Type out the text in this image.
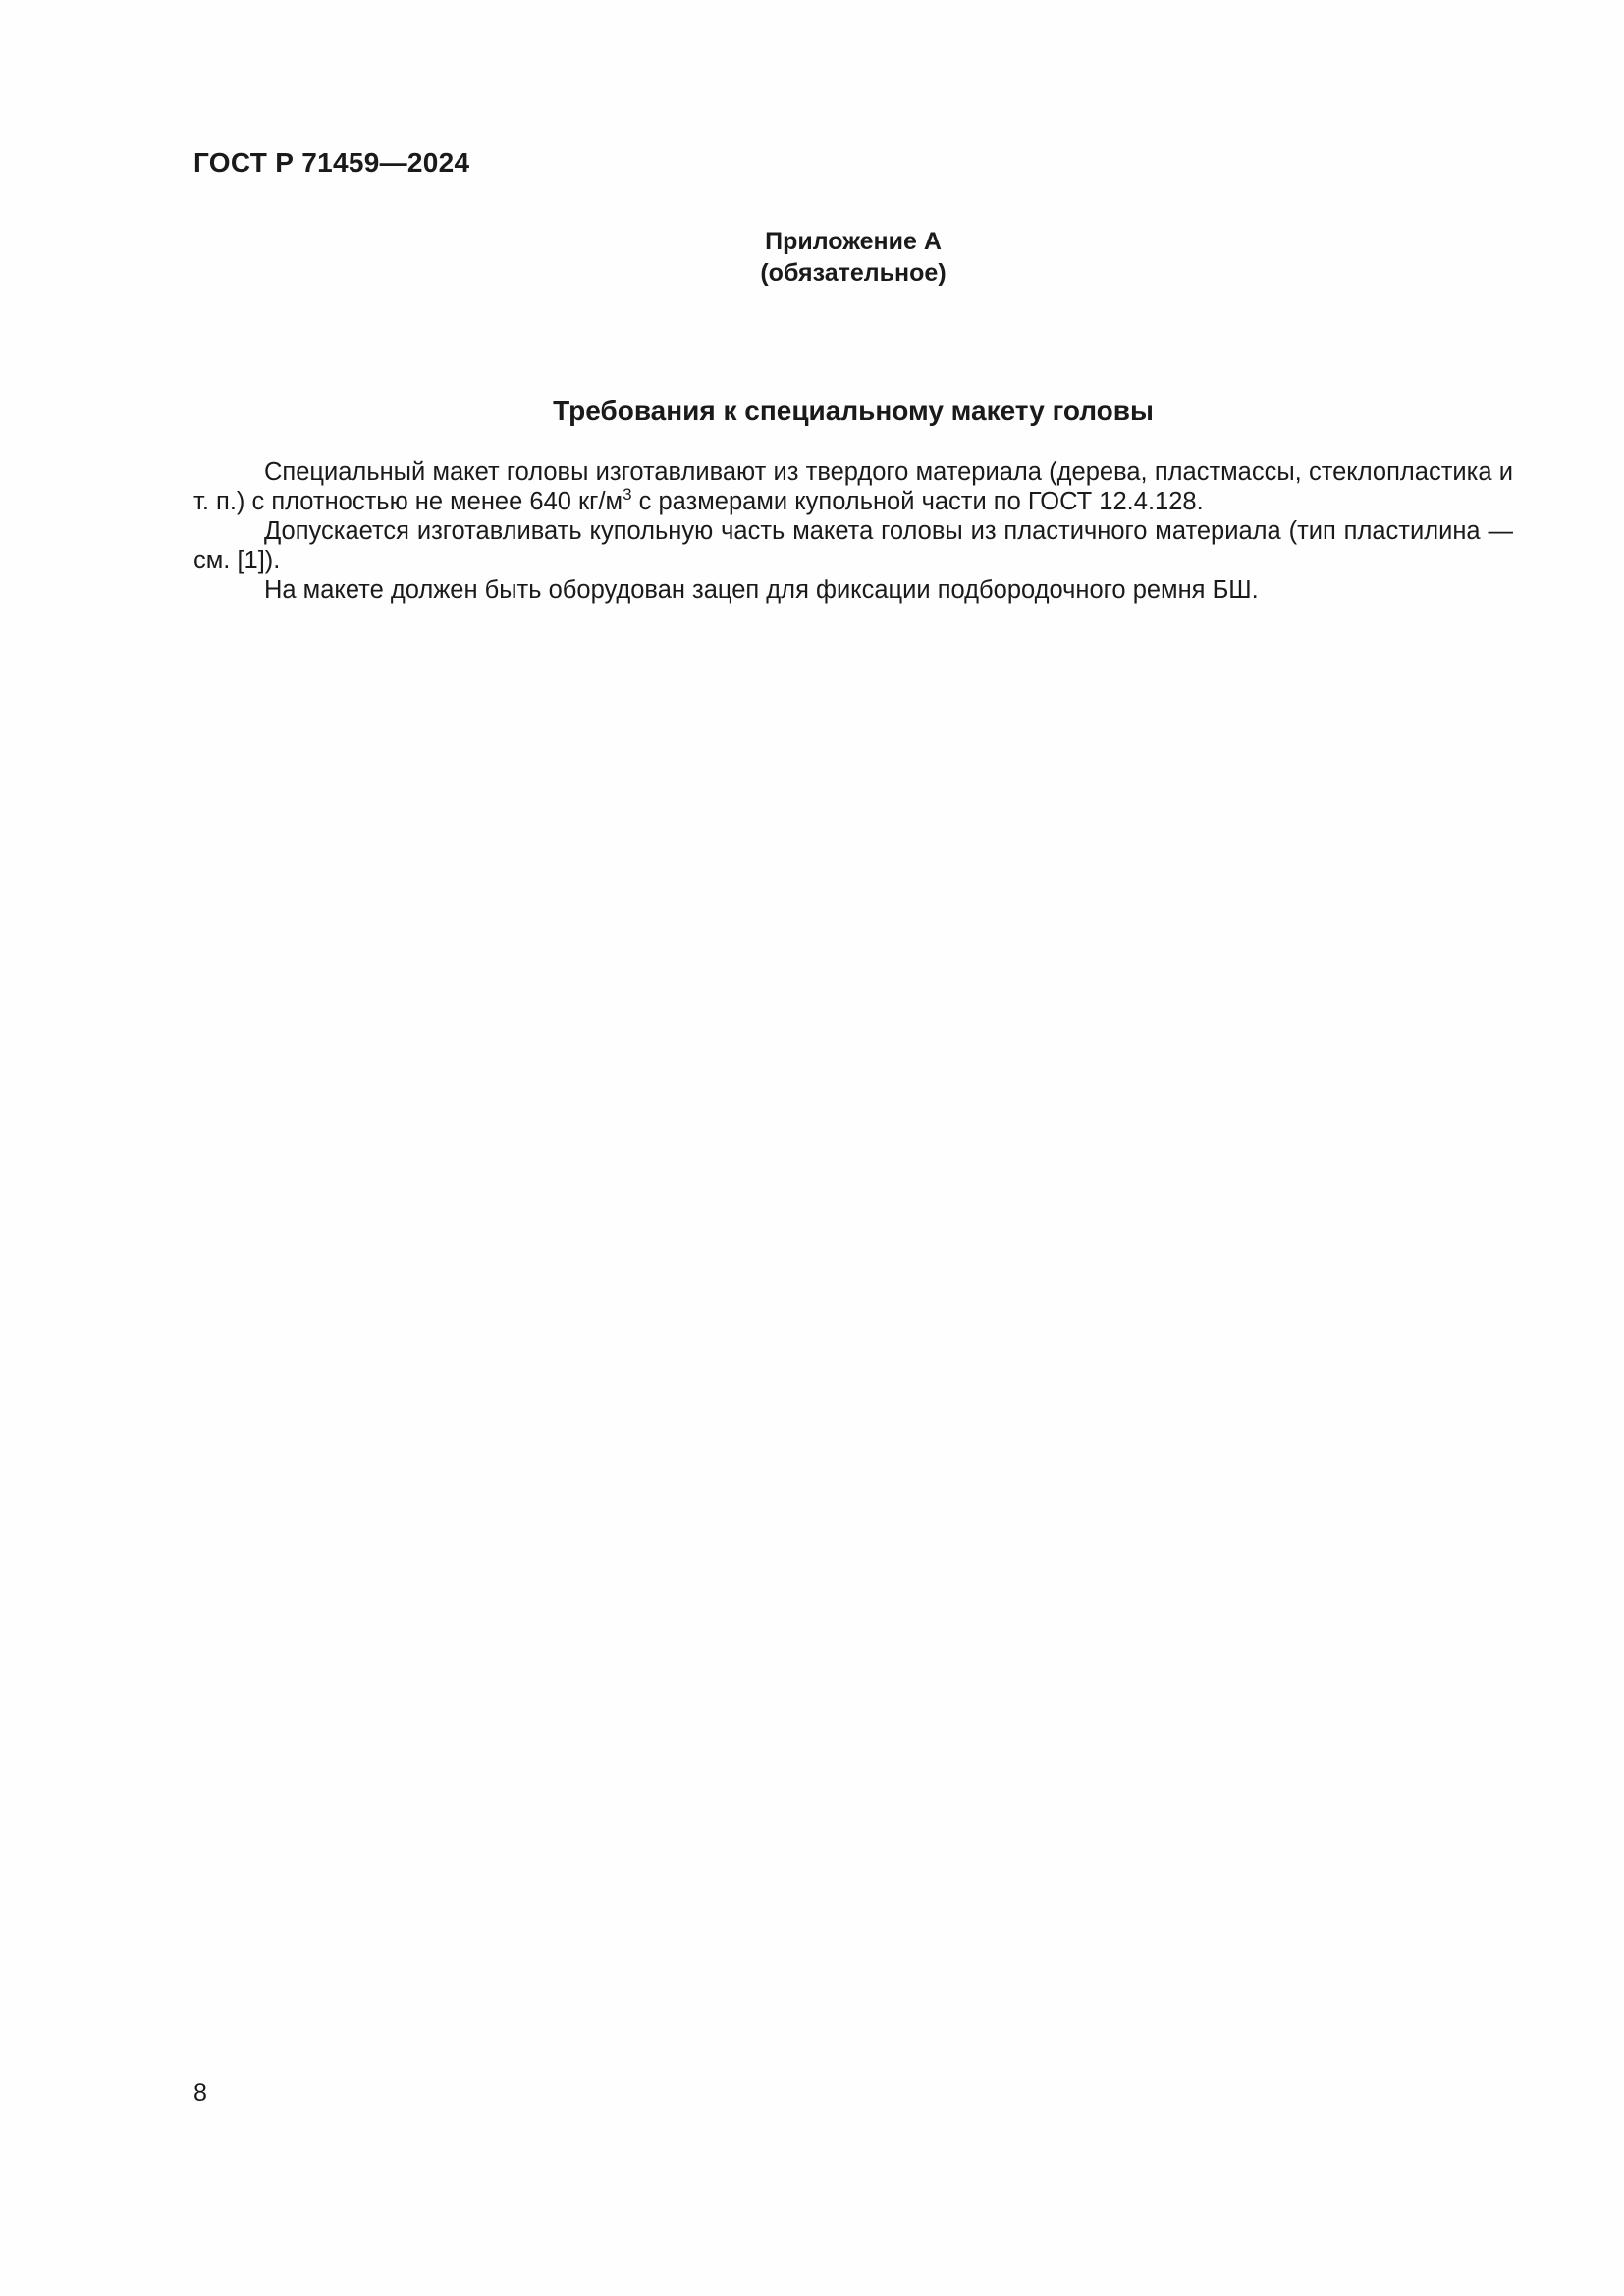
ГОСТ Р 71459—2024
Приложение А
(обязательное)
Требования к специальному макету головы

Специальный макет головы изготавливают из твердого материала (дерева, пластмассы, стеклопластика и т. п.) с плотностью не менее 640 $кг/м^3$ с размерами купольной части по ГОСТ 12.4.128.

Допускается изготавливать купольную часть макета головы из пластичного материала (тип пластилина — см. [1]).

На макете должен быть оборудован зацеп для фиксации подбородочного ремня БШ.

8
